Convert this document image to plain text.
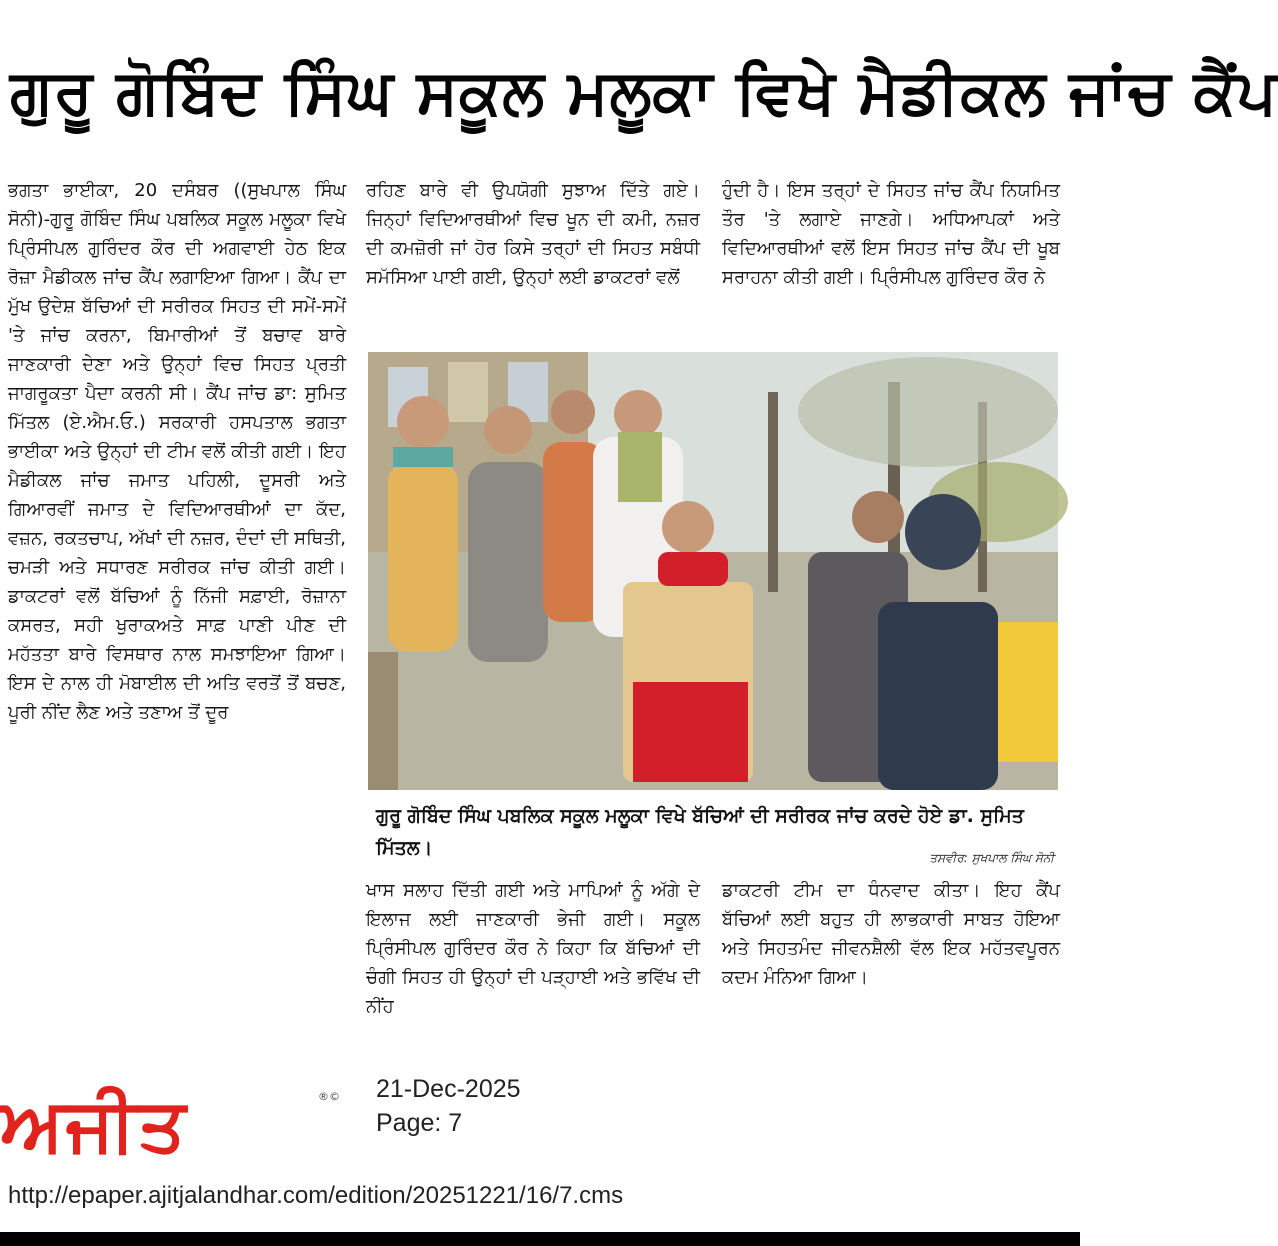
ਗੁਰੂ ਗੋਬਿੰਦ ਸਿੰਘ ਸਕੂਲ ਮਲੂਕਾ ਵਿਖੇ ਮੈਡੀਕਲ ਜਾਂਚ ਕੈਂਪ

ਭਗਤਾ ਭਾਈਕਾ, 20 ਦਸੰਬਰ ((ਸੁਖਪਾਲ ਸਿੰਘ ਸੋਨੀ)-ਗੁਰੂ ਗੋਬਿੰਦ ਸਿੰਘ ਪਬਲਿਕ ਸਕੂਲ ਮਲੂਕਾ ਵਿਖੇ ਪ੍ਰਿੰਸੀਪਲ ਗੁਰਿੰਦਰ ਕੌਰ ਦੀ ਅਗਵਾਈ ਹੇਠ ਇਕ ਰੋਜ਼ਾ ਮੈਡੀਕਲ ਜਾਂਚ ਕੈਂਪ ਲਗਾਇਆ ਗਿਆ। ਕੈਂਪ ਦਾ ਮੁੱਖ ਉਦੇਸ਼ ਬੱਚਿਆਂ ਦੀ ਸਰੀਰਕ ਸਿਹਤ ਦੀ ਸਮੇਂ-ਸਮੇਂ 'ਤੇ ਜਾਂਚ ਕਰਨਾ, ਬਿਮਾਰੀਆਂ ਤੋਂ ਬਚਾਵ ਬਾਰੇ ਜਾਣਕਾਰੀ ਦੇਣਾ ਅਤੇ ਉਨ੍ਹਾਂ ਵਿਚ ਸਿਹਤ ਪ੍ਰਤੀ ਜਾਗਰੂਕਤਾ ਪੈਦਾ ਕਰਨੀ ਸੀ। ਕੈਂਪ ਜਾਂਚ ਡਾ: ਸੁਮਿਤ ਮਿੱਤਲ (ਏ.ਐਮ.ਓ.) ਸਰਕਾਰੀ ਹਸਪਤਾਲ ਭਗਤਾ ਭਾਈਕਾ ਅਤੇ ਉਨ੍ਹਾਂ ਦੀ ਟੀਮ ਵਲੋਂ ਕੀਤੀ ਗਈ। ਇਹ ਮੈਡੀਕਲ ਜਾਂਚ ਜਮਾਤ ਪਹਿਲੀ, ਦੂਸਰੀ ਅਤੇ ਗਿਆਰਵੀਂ ਜਮਾਤ ਦੇ ਵਿਦਿਆਰਥੀਆਂ ਦਾ ਕੱਦ, ਵਜ਼ਨ, ਰਕਤਚਾਪ, ਅੱਖਾਂ ਦੀ ਨਜ਼ਰ, ਦੰਦਾਂ ਦੀ ਸਥਿਤੀ, ਚਮੜੀ ਅਤੇ ਸਧਾਰਣ ਸਰੀਰਕ ਜਾਂਚ ਕੀਤੀ ਗਈ। ਡਾਕਟਰਾਂ ਵਲੋਂ ਬੱਚਿਆਂ ਨੂੰ ਨਿੱਜੀ ਸਫ਼ਾਈ, ਰੋਜ਼ਾਨਾ ਕਸਰਤ, ਸਹੀ ਖੁਰਾਕਅਤੇ ਸਾਫ਼ ਪਾਣੀ ਪੀਣ ਦੀ ਮਹੱਤਤਾ ਬਾਰੇ ਵਿਸਥਾਰ ਨਾਲ ਸਮਝਾਇਆ ਗਿਆ। ਇਸ ਦੇ ਨਾਲ ਹੀ ਮੋਬਾਈਲ ਦੀ ਅਤਿ ਵਰਤੋਂ ਤੋਂ ਬਚਣ, ਪੂਰੀ ਨੀਂਦ ਲੈਣ ਅਤੇ ਤਣਾਅ ਤੋਂ ਦੂਰ

ਰਹਿਣ ਬਾਰੇ ਵੀ ਉਪਯੋਗੀ ਸੁਝਾਅ ਦਿੱਤੇ ਗਏ। ਜਿਨ੍ਹਾਂ ਵਿਦਿਆਰਥੀਆਂ ਵਿਚ ਖੂਨ ਦੀ ਕਮੀ, ਨਜ਼ਰ ਦੀ ਕਮਜ਼ੋਰੀ ਜਾਂ ਹੋਰ ਕਿਸੇ ਤਰ੍ਹਾਂ ਦੀ ਸਿਹਤ ਸਬੰਧੀ ਸਮੱਸਿਆ ਪਾਈ ਗਈ, ਉਨ੍ਹਾਂ ਲਈ ਡਾਕਟਰਾਂ ਵਲੋਂ

ਹੁੰਦੀ ਹੈ। ਇਸ ਤਰ੍ਹਾਂ ਦੇ ਸਿਹਤ ਜਾਂਚ ਕੈਂਪ ਨਿਯਮਿਤ ਤੌਰ 'ਤੇ ਲਗਾਏ ਜਾਣਗੇ। ਅਧਿਆਪਕਾਂ ਅਤੇ ਵਿਦਿਆਰਥੀਆਂ ਵਲੋਂ ਇਸ ਸਿਹਤ ਜਾਂਚ ਕੈਂਪ ਦੀ ਖੂਬ ਸਰਾਹਨਾ ਕੀਤੀ ਗਈ। ਪ੍ਰਿੰਸੀਪਲ ਗੁਰਿੰਦਰ ਕੌਰ ਨੇ

ਗੁਰੂ ਗੋਬਿੰਦ ਸਿੰਘ ਪਬਲਿਕ ਸਕੂਲ ਮਲੂਕਾ ਵਿਖੇ ਬੱਚਿਆਂ ਦੀ ਸਰੀਰਕ ਜਾਂਚ ਕਰਦੇ ਹੋਏ ਡਾ. ਸੁਮਿਤ ਮਿੱਤਲ।	ਤਸਵੀਰ: ਸੁਖਪਾਲ ਸਿੰਘ ਸੋਨੀ

ਖਾਸ ਸਲਾਹ ਦਿੱਤੀ ਗਈ ਅਤੇ ਮਾਪਿਆਂ ਨੂੰ ਅੱਗੇ ਦੇ ਇਲਾਜ ਲਈ ਜਾਣਕਾਰੀ ਭੇਜੀ ਗਈ। ਸਕੂਲ ਪ੍ਰਿੰਸੀਪਲ ਗੁਰਿੰਦਰ ਕੌਰ ਨੇ ਕਿਹਾ ਕਿ ਬੱਚਿਆਂ ਦੀ ਚੰਗੀ ਸਿਹਤ ਹੀ ਉਨ੍ਹਾਂ ਦੀ ਪੜ੍ਹਾਈ ਅਤੇ ਭਵਿੱਖ ਦੀ ਨੀਂਹ

ਡਾਕਟਰੀ ਟੀਮ ਦਾ ਧੰਨਵਾਦ ਕੀਤਾ। ਇਹ ਕੈਂਪ ਬੱਚਿਆਂ ਲਈ ਬਹੁਤ ਹੀ ਲਾਭਕਾਰੀ ਸਾਬਤ ਹੋਇਆ ਅਤੇ ਸਿਹਤਮੰਦ ਜੀਵਨਸ਼ੈਲੀ ਵੱਲ ਇਕ ਮਹੱਤਵਪੂਰਨ ਕਦਮ ਮੰਨਿਆ ਗਿਆ।

ਅਜੀਤ	®© 21-Dec-2025
Page: 7
http://epaper.ajitjalandhar.com/edition/20251221/16/7.cms
